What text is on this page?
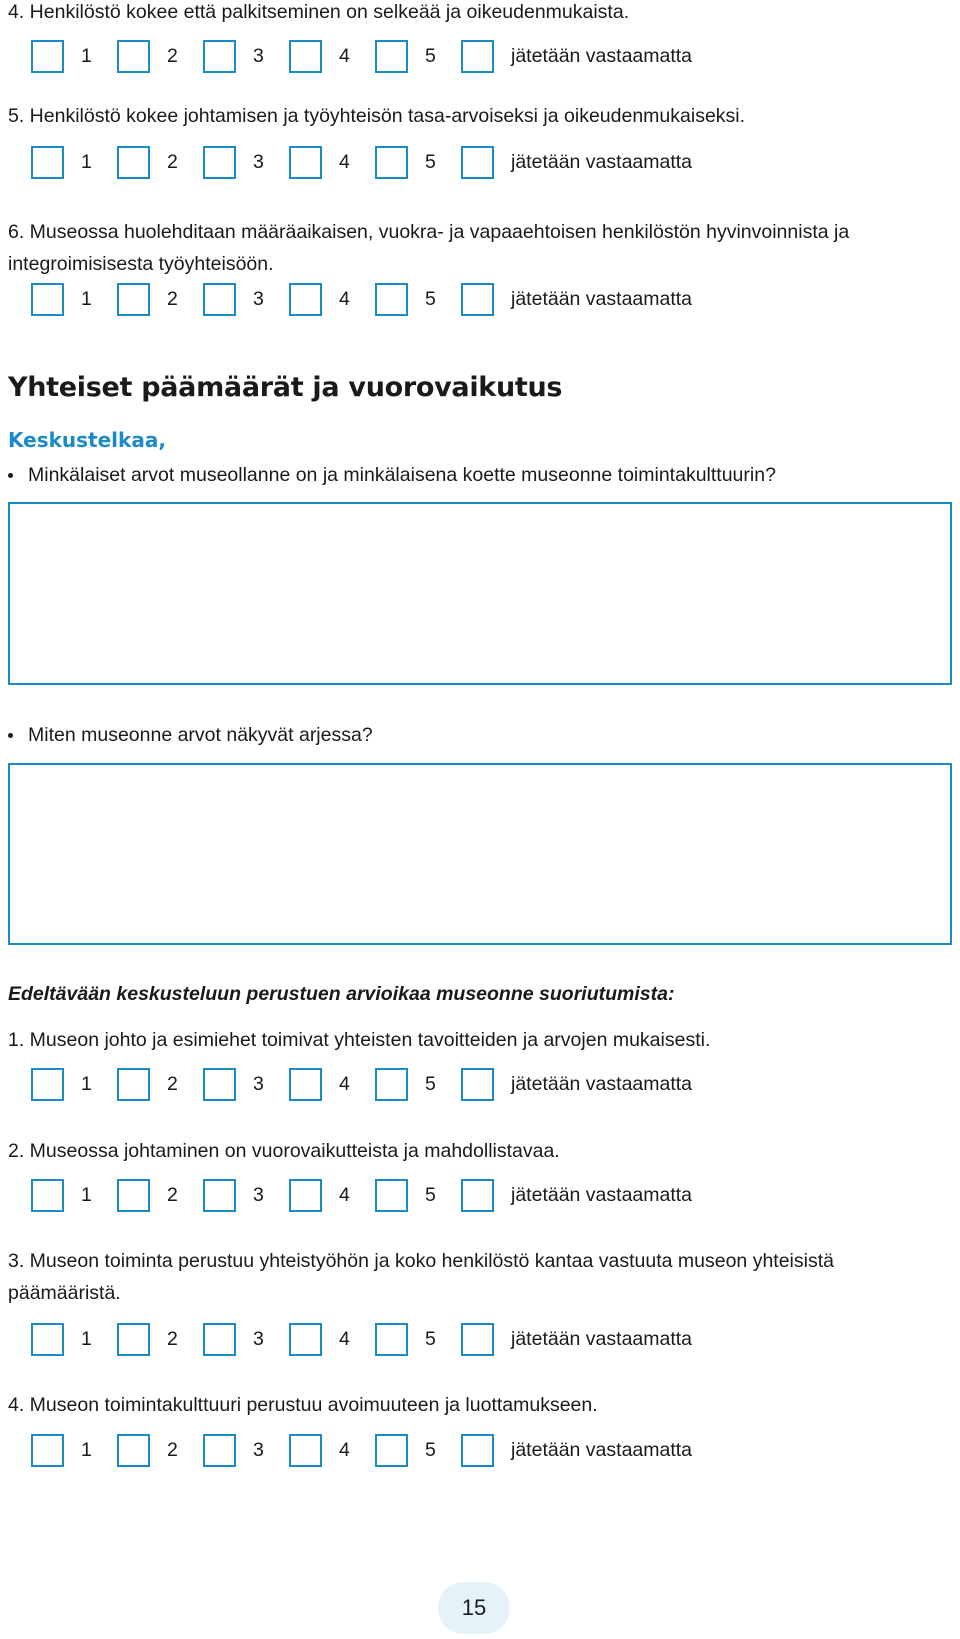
4. Henkilöstö kokee että palkitseminen on selkeää ja oikeudenmukaista.

1	2	3	4	5	jätetään vastaamatta

5. Henkilöstö kokee johtamisen ja työyhteisön tasa-arvoiseksi ja oikeudenmukaiseksi.

1	2	3	4	5	jätetään vastaamatta

6. Museossa huolehditaan määräaikaisen, vuokra- ja vapaaehtoisen henkilöstön hyvinvoinnista ja integroimisisesta työyhteisöön.

1	2	3	4	5	jätetään vastaamatta
Yhteiset päämäärät ja vuorovaikutus

Keskustelkaa,

Minkälaiset arvot museollanne on ja minkälaisena koette museonne toimintakulttuurin?
Miten museonne arvot näkyvät arjessa?

Edeltävään keskusteluun perustuen arvioikaa museonne suoriutumista:

1. Museon johto ja esimiehet toimivat yhteisten tavoitteiden ja arvojen mukaisesti.

1	2	3	4	5	jätetään vastaamatta

2. Museossa johtaminen on vuorovaikutteista ja mahdollistavaa.

1	2	3	4	5	jätetään vastaamatta

3. Museon toiminta perustuu yhteistyöhön ja koko henkilöstö kantaa vastuuta museon yhteisistä päämääristä.

1	2	3	4	5	jätetään vastaamatta

4. Museon toimintakulttuuri perustuu avoimuuteen ja luottamukseen.

1	2	3	4	5	jätetään vastaamatta
15
